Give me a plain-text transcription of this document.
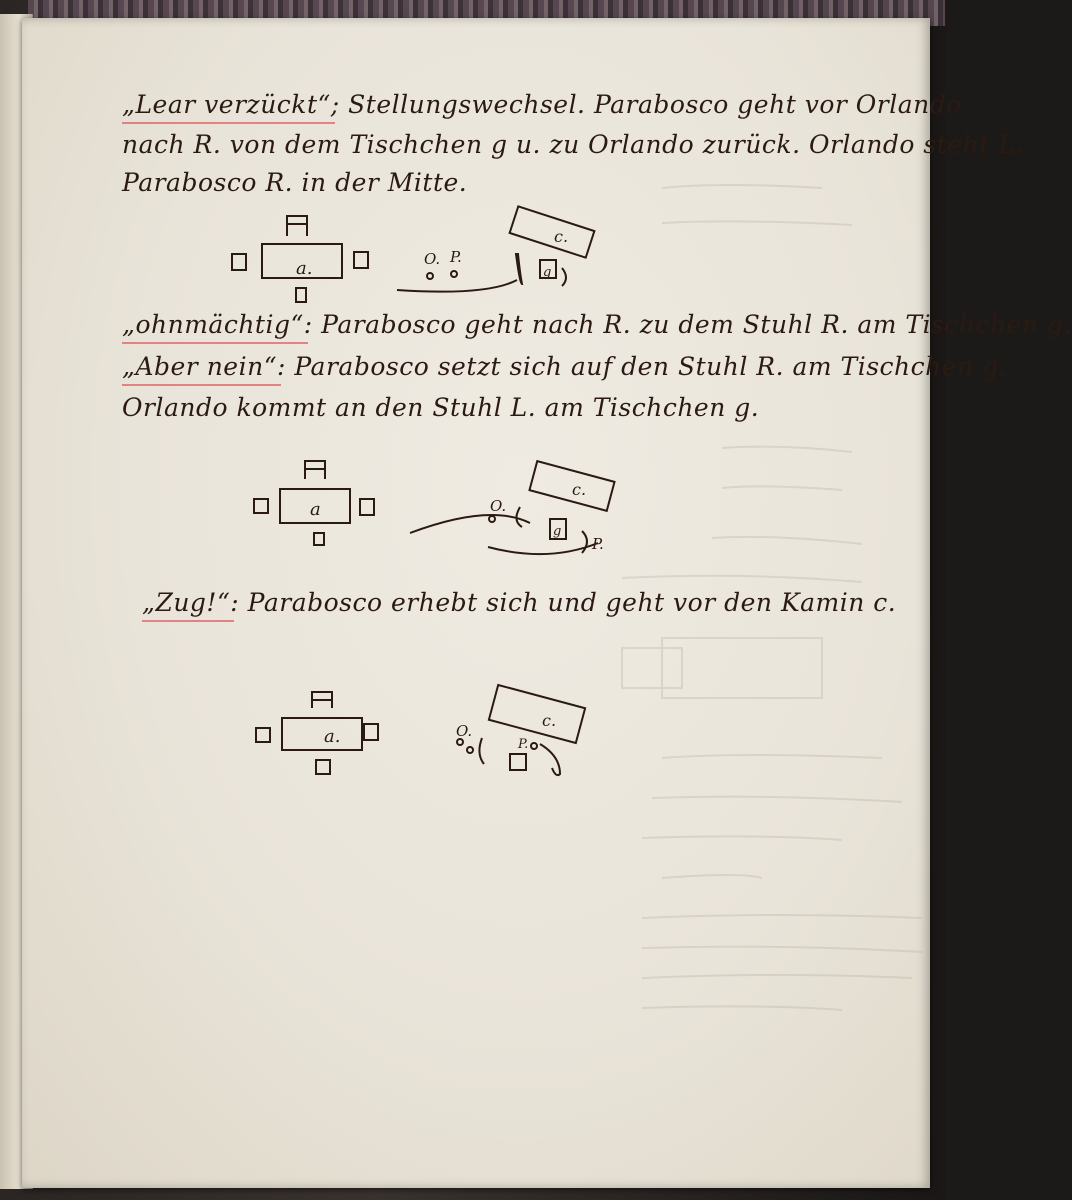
„Lear verzückt“
; Stellungswechsel. Parabosco geht vor Orlando
nach R. von dem Tischchen g u. zu Orlando zurück. Orlando steht L.
Parabosco R. in der Mitte.
a.
c.
g
O. P.
„ohnmächtig“
: Parabosco geht nach R. zu dem Stuhl R. am Tischchen g.
„Aber nein“
: Parabosco setzt sich auf den Stuhl R. am Tischchen g.
Orlando kommt an den Stuhl L. am Tischchen g.
a
c.
g
O.
P.
„Zug!“
: Parabosco erhebt sich und geht vor den Kamin c.
a.
c.
O.
P.
